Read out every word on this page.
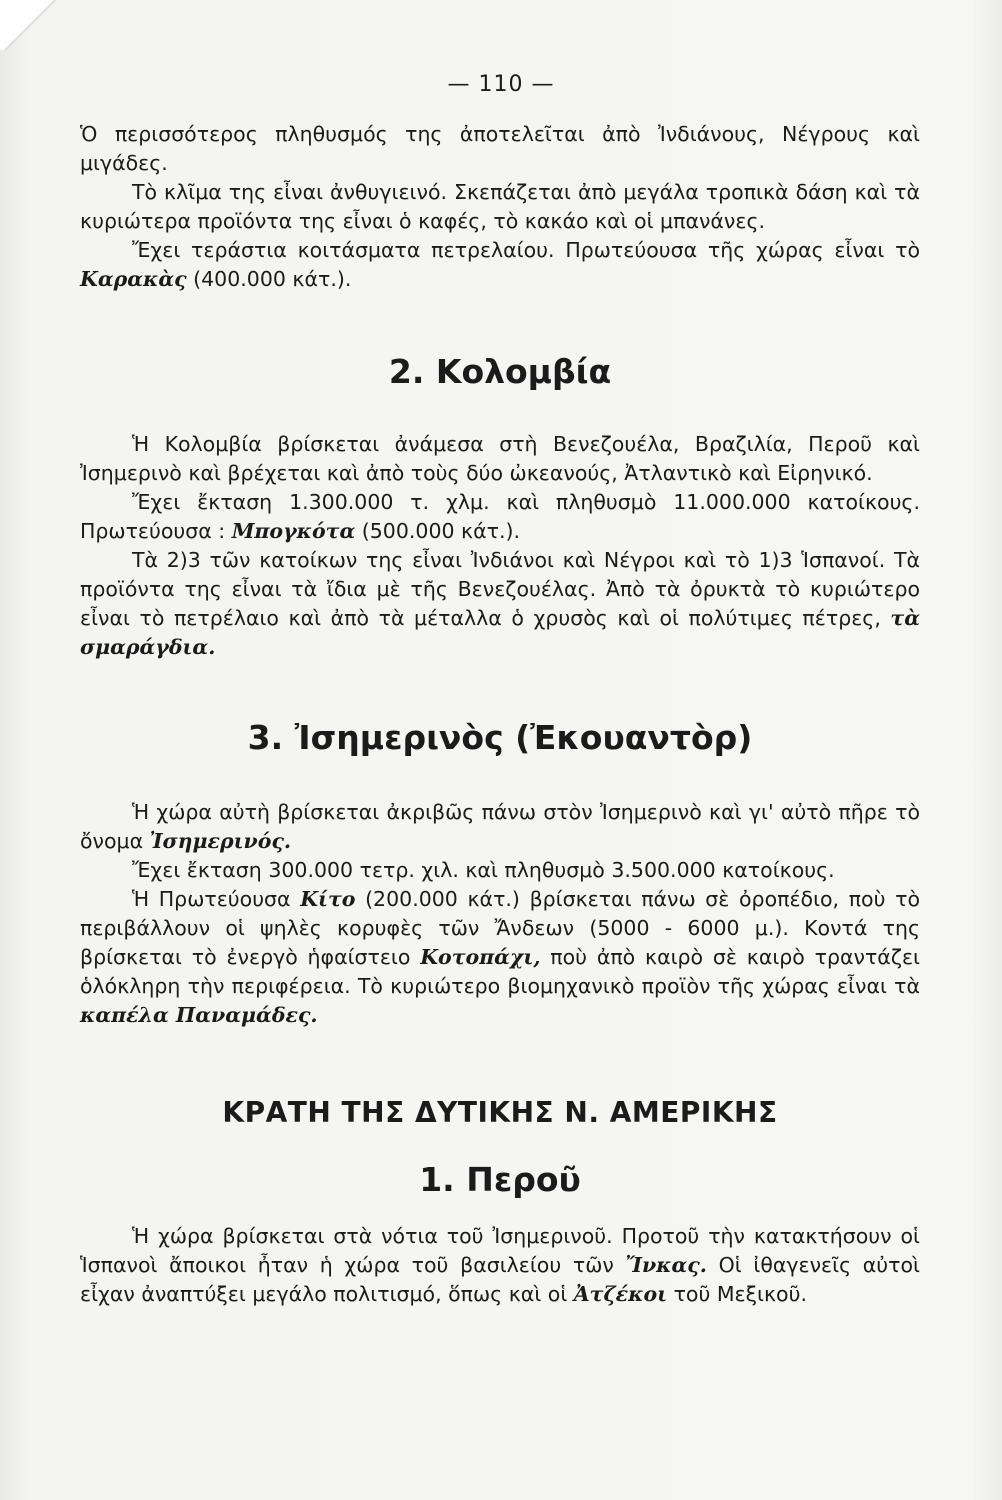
— 110 —

Ὁ περισσότερος πληθυσμός της ἀποτελεῖται ἀπὸ Ἰνδιάνους, Νέγρους καὶ μιγάδες.

Τὸ κλῖμα της εἶναι ἀνθυγιεινό. Σκεπάζεται ἀπὸ μεγάλα τροπικὰ δάση καὶ τὰ κυριώτερα προϊόντα της εἶναι ὁ καφές, τὸ κακάο καὶ οἱ μπανάνες.

Ἔχει τεράστια κοιτάσματα πετρελαίου. Πρωτεύουσα τῆς χώρας εἶναι τὸ Καρακὰς (400.000 κάτ.).

2. Κολομβία

Ἡ Κολομβία βρίσκεται ἀνάμεσα στὴ Βενεζουέλα, Βραζιλία, Περοῦ καὶ Ἰσημερινὸ καὶ βρέχεται καὶ ἀπὸ τοὺς δύο ὠκεανούς, Ἀτλαντικὸ καὶ Εἰρηνικό.

Ἔχει ἔκταση 1.300.000 τ. χλμ. καὶ πληθυσμὸ 11.000.000 κατοίκους. Πρωτεύουσα : Μπογκότα (500.000 κάτ.).

Τὰ 2)3 τῶν κατοίκων της εἶναι Ἰνδιάνοι καὶ Νέγροι καὶ τὸ 1)3 Ἱσπανοί. Τὰ προϊόντα της εἶναι τὰ ἴδια μὲ τῆς Βενεζουέλας. Ἀπὸ τὰ ὀρυκτὰ τὸ κυριώτερο εἶναι τὸ πετρέλαιο καὶ ἀπὸ τὰ μέταλλα ὁ χρυσὸς καὶ οἱ πολύτιμες πέτρες, τὰ σμαράγδια.

3. Ἰσημερινὸς (Ἐκουαντὸρ)

Ἡ χώρα αὐτὴ βρίσκεται ἀκριβῶς πάνω στὸν Ἰσημερινὸ καὶ γι' αὐτὸ πῆρε τὸ ὄνομα Ἰσημερινός.

Ἔχει ἔκταση 300.000 τετρ. χιλ. καὶ πληθυσμὸ 3.500.000 κατοίκους.

Ἡ Πρωτεύουσα Κίτο (200.000 κάτ.) βρίσκεται πάνω σὲ ὀροπέδιο, ποὺ τὸ περιβάλλουν οἱ ψηλὲς κορυφὲς τῶν Ἄνδεων (5000 - 6000 μ.). Κοντά της βρίσκεται τὸ ἐνεργὸ ἡφαίστειο Κοτοπάχι, ποὺ ἀπὸ καιρὸ σὲ καιρὸ τραντάζει ὁλόκληρη τὴν περιφέρεια. Τὸ κυριώτερο βιομηχανικὸ προϊὸν τῆς χώρας εἶναι τὰ καπέλα Παναμάδες.

ΚΡΑΤΗ ΤΗΣ ΔΥΤΙΚΗΣ Ν. ΑΜΕΡΙΚΗΣ
1. Περοῦ

Ἡ χώρα βρίσκεται στὰ νότια τοῦ Ἰσημερινοῦ. Προτοῦ τὴν κατακτήσουν οἱ Ἱσπανοὶ ἄποικοι ἦταν ἡ χώρα τοῦ βασιλείου τῶν Ἴνκας. Οἱ ἰθαγενεῖς αὐτοὶ εἶχαν ἀναπτύξει μεγάλο πολιτισμό, ὅπως καὶ οἱ Ἀτζέκοι τοῦ Μεξικοῦ.
